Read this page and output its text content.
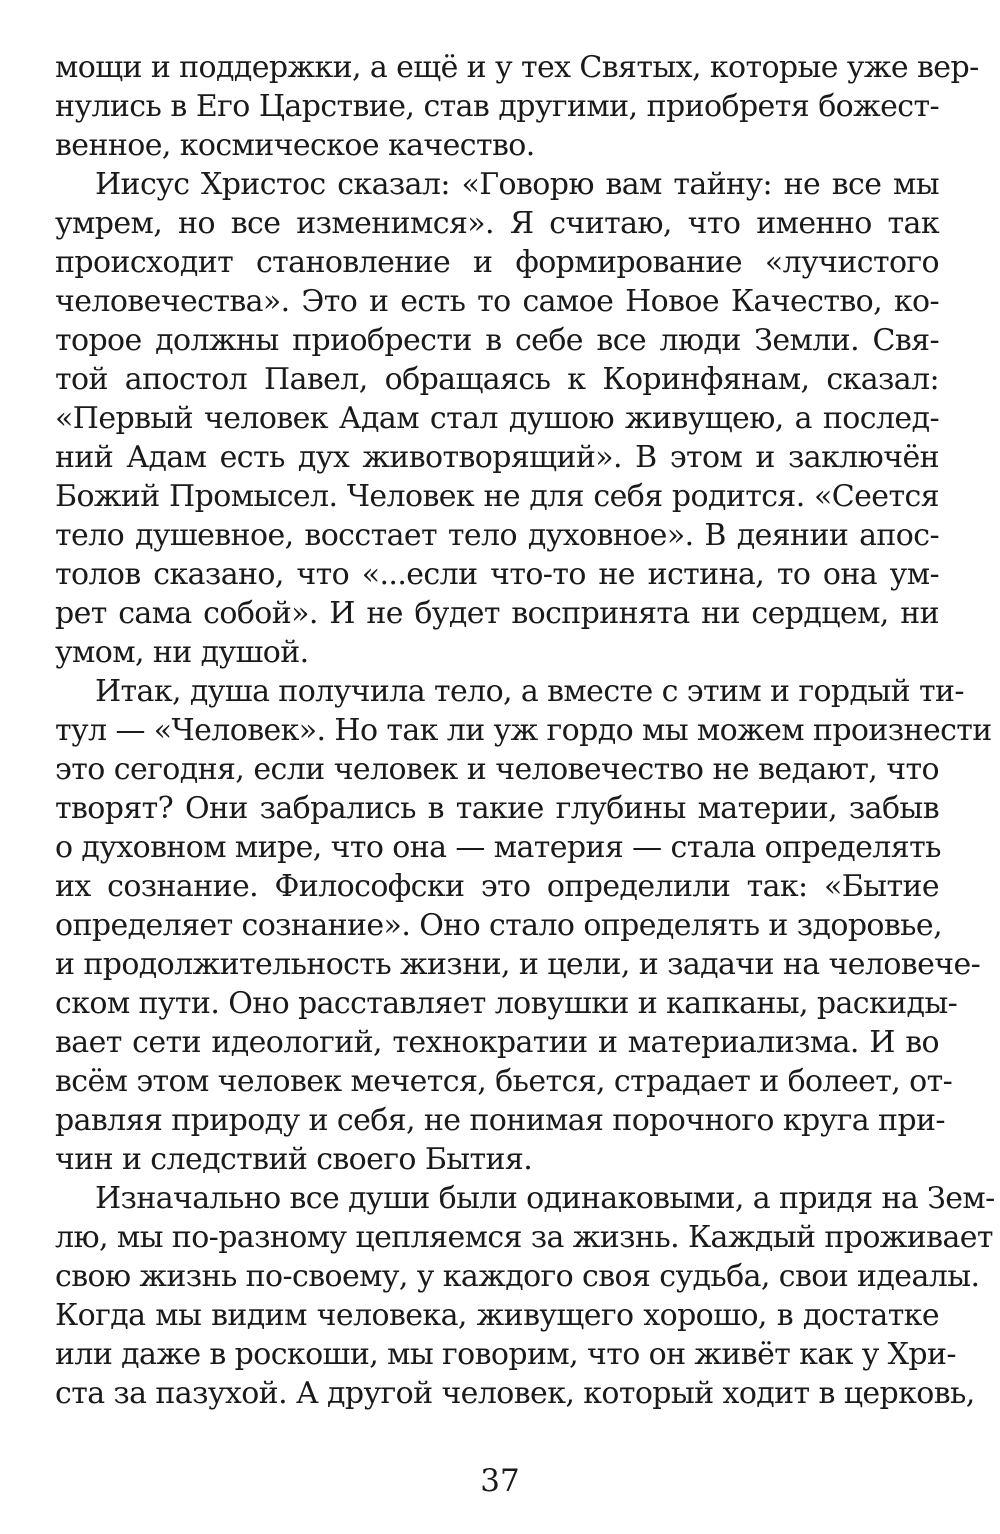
мощи и поддержки, а ещё и у тех Святых, которые уже вер-
нулись в Его Царствие, став другими, приобретя божест-
венное, космическое качество.
Иисус Христос сказал: «Говорю вам тайну: не все мы
умрем, но все изменимся». Я считаю, что именно так
происходит становление и формирование «лучистого
человечества». Это и есть то самое Новое Качество, ко-
торое должны приобрести в себе все люди Земли. Свя-
той апостол Павел, обращаясь к Коринфянам, сказал:
«Первый человек Адам стал душою живущею, а послед-
ний Адам есть дух животворящий». В этом и заключён
Божий Промысел. Человек не для себя родится. «Сеется
тело душевное, восстает тело духовное». В деянии апос-
толов сказано, что «...если что-то не истина, то она ум-
рет сама собой». И не будет воспринята ни сердцем, ни
умом, ни душой.
Итак, душа получила тело, а вместе с этим и гордый ти-
тул — «Человек». Но так ли уж гордо мы можем произнести
это сегодня, если человек и человечество не ведают, что
творят? Они забрались в такие глубины материи, забыв
о духовном мире, что она — материя — стала определять
их сознание. Философски это определили так: «Бытие
определяет сознание». Оно стало определять и здоровье,
и продолжительность жизни, и цели, и задачи на человече-
ском пути. Оно расставляет ловушки и капканы, раскиды-
вает сети идеологий, технократии и материализма. И во
всём этом человек мечется, бьется, страдает и болеет, от-
равляя природу и себя, не понимая порочного круга при-
чин и следствий своего Бытия.
Изначально все души были одинаковыми, а придя на Зем-
лю, мы по-разному цепляемся за жизнь. Каждый проживает
свою жизнь по-своему, у каждого своя судьба, свои идеалы.
Когда мы видим человека, живущего хорошо, в достатке
или даже в роскоши, мы говорим, что он живёт как у Хри-
ста за пазухой. А другой человек, который ходит в церковь,
37
